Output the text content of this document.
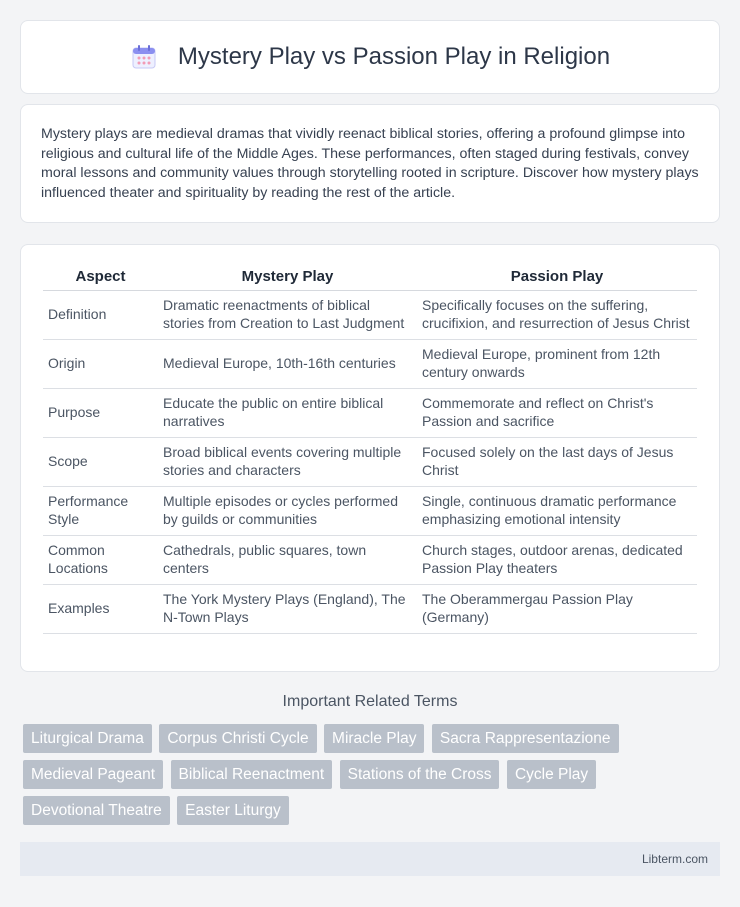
Mystery Play vs Passion Play in Religion

Mystery plays are medieval dramas that vividly reenact biblical stories, offering a profound glimpse into religious and cultural life of the Middle Ages. These performances, often staged during festivals, convey moral lessons and community values through storytelling rooted in scripture. Discover how mystery plays influenced theater and spirituality by reading the rest of the article.

Aspect	Mystery Play	Passion Play
Definition	Dramatic reenactments of biblical stories from Creation to Last Judgment	Specifically focuses on the suffering, crucifixion, and resurrection of Jesus Christ
Origin	Medieval Europe, 10th-16th centuries	Medieval Europe, prominent from 12th century onwards
Purpose	Educate the public on entire biblical narratives	Commemorate and reflect on Christ's Passion and sacrifice
Scope	Broad biblical events covering multiple stories and characters	Focused solely on the last days of Jesus Christ
Performance Style	Multiple episodes or cycles performed by guilds or communities	Single, continuous dramatic performance emphasizing emotional intensity
Common Locations	Cathedrals, public squares, town centers	Church stages, outdoor arenas, dedicated Passion Play theaters
Examples	The York Mystery Plays (England), The N-Town Plays	The Oberammergau Passion Play (Germany)
Important Related Terms
Liturgical Drama Corpus Christi Cycle Miracle Play Sacra Rappresentazione Medieval Pageant Biblical Reenactment Stations of the Cross Cycle Play Devotional Theatre Easter Liturgy
Libterm.com
